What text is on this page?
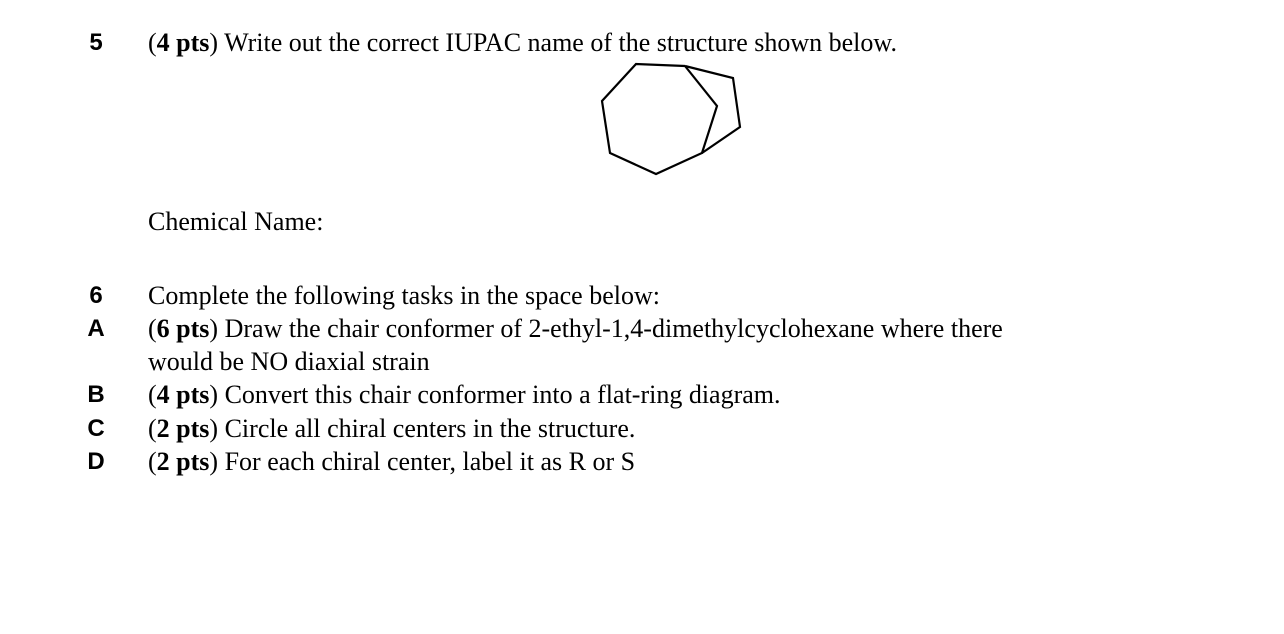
5 (4 pts) Write out the correct IUPAC name of the structure shown below.
Chemical Name:
6 Complete the following tasks in the space below:
A (6 pts) Draw the chair conformer of 2-ethyl-1,4-dimethylcyclohexane where there
would be NO diaxial strain
B (4 pts) Convert this chair conformer into a flat-ring diagram.
C (2 pts) Circle all chiral centers in the structure.
D (2 pts) For each chiral center, label it as R or S
